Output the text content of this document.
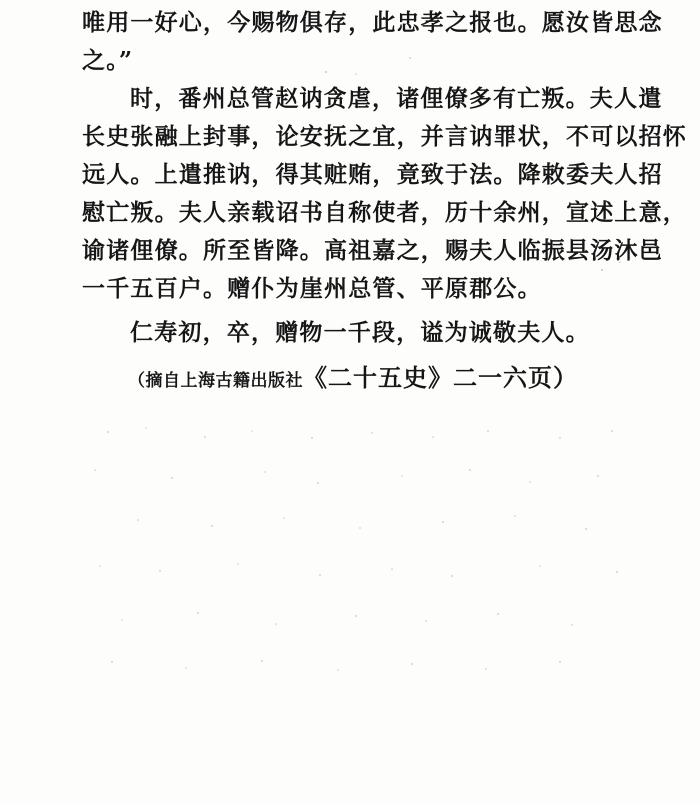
唯用一好心，今赐物俱存，此忠孝之报也。愿汝皆思念
之。”
时，番州总管赵讷贪虐，诸俚僚多有亡叛。夫人遣
长史张融上封事，论安抚之宜，并言讷罪状，不可以招怀
远人。上遣推讷，得其赃贿，竟致于法。降敕委夫人招
慰亡叛。夫人亲载诏书自称使者，历十余州，宣述上意，
谕诸俚僚。所至皆降。高祖嘉之，赐夫人临振县汤沐邑
一千五百户。赠仆为崖州总管、平原郡公。
仁寿初，卒，赠物一千段，谥为诚敬夫人。
（摘自上海古籍出版社《二十五史》二一六页）
